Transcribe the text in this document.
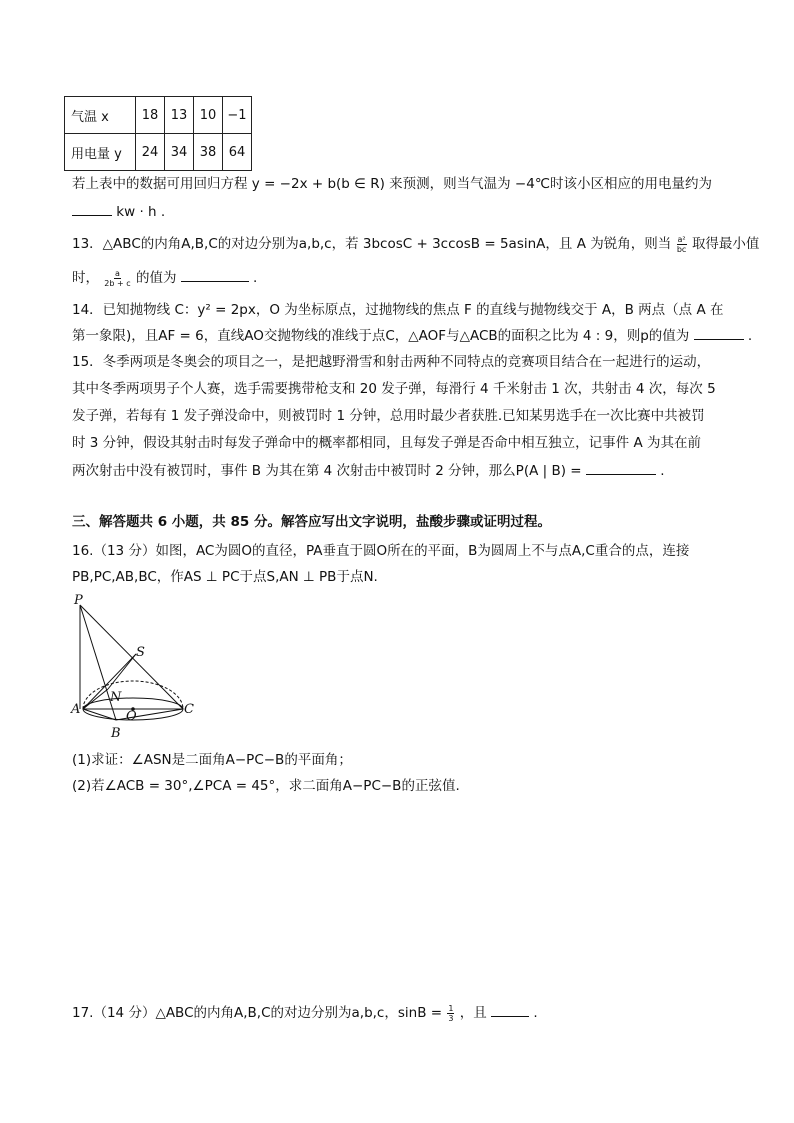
气温 x	18	13	10	−1
用电量 y	24	34	38	64
若上表中的数据可用回归方程 y = −2x + b(b ∈ R) 来预测，则当气温为 −4℃时该小区相应的用电量约为
kw · h .
13．△ABC的内角A,B,C的对边分别为a,b,c，若 3bcosC + 3ccosB = 5asinA，且 A 为锐角，则当 $\frac{\text{a²}}{bc}$ 取得最小值
时， $\frac{a}{2b + c}$ 的值为	.
14．已知抛物线 C：y² = 2px，O 为坐标原点，过抛物线的焦点 F 的直线与抛物线交于 A，B 两点（点 A 在
第一象限)，且AF = 6，直线AO交抛物线的准线于点C，△AOF与△ACB的面积之比为 4 : 9，则p的值为	.
15．冬季两项是冬奥会的项目之一，是把越野滑雪和射击两种不同特点的竞赛项目结合在一起进行的运动，
其中冬季两项男子个人赛，选手需要携带枪支和 20 发子弹，每滑行 4 千米射击 1 次，共射击 4 次，每次 5
发子弹，若每有 1 发子弹没命中，则被罚时 1 分钟，总用时最少者获胜.已知某男选手在一次比赛中共被罚
时 3 分钟，假设其射击时每发子弹命中的概率都相同，且每发子弹是否命中相互独立，记事件 A 为其在前
两次射击中没有被罚时，事件 B 为其在第 4 次射击中被罚时 2 分钟，那么P(A | B) =	.
三、解答题共 6 小题，共 85 分。解答应写出文字说明，盐酸步骤或证明过程。
16.（13 分）如图，AC为圆O的直径，PA垂直于圆O所在的平面，B为圆周上不与点A,C重合的点，连接
PB,PC,AB,BC，作AS ⊥ PC于点S,AN ⊥ PB于点N.
P
S
N
A	O	C
B
(1)求证：∠ASN是二面角A−PC−B的平面角；
(2)若∠ACB = 30°,∠PCA = 45°，求二面角A−PC−B的正弦值.
17.（14 分）△ABC的内角A,B,C的对边分别为a,b,c，$\sin B = \frac{1}{3}$ ，且	.
